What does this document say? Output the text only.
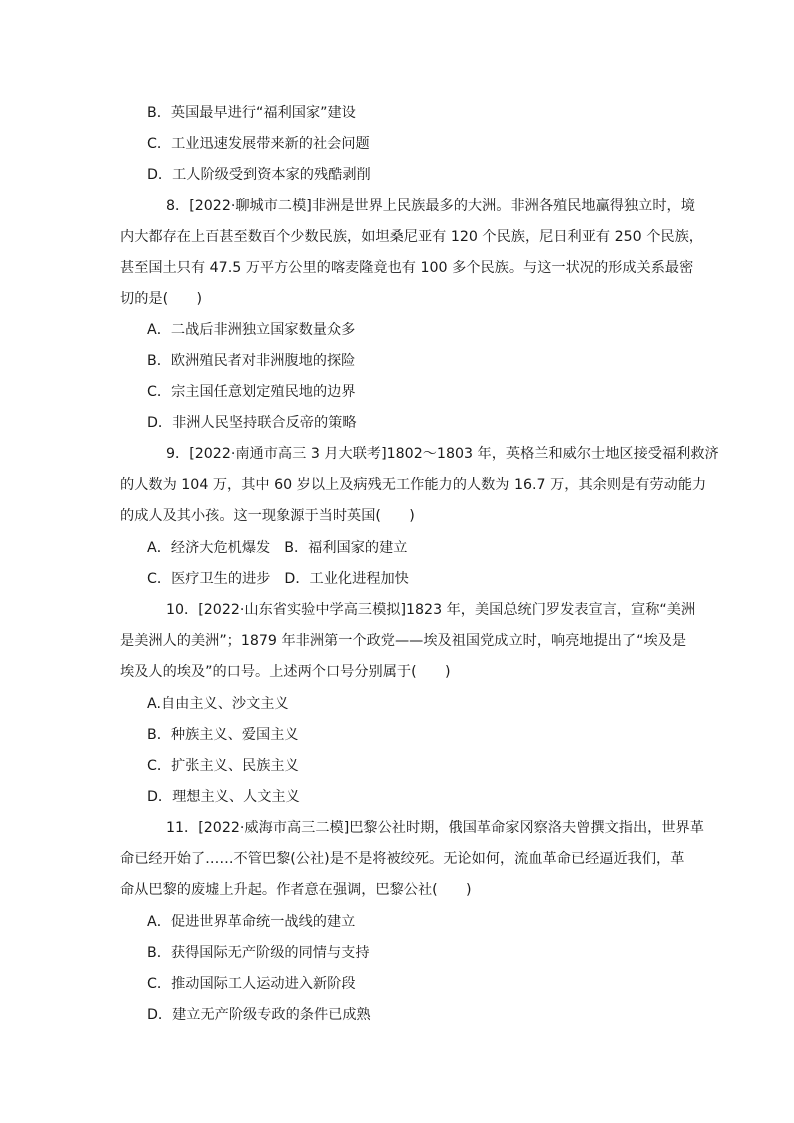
B．英国最早进行“福利国家”建设
C．工业迅速发展带来新的社会问题
D．工人阶级受到资本家的残酷剥削
8．[2022·聊城市二模]非洲是世界上民族最多的大洲。非洲各殖民地赢得独立时，境
内大都存在上百甚至数百个少数民族，如坦桑尼亚有 120 个民族，尼日利亚有 250 个民族，
甚至国土只有 47.5 万平方公里的喀麦隆竟也有 100 多个民族。与这一状况的形成关系最密
切的是(　　)
A．二战后非洲独立国家数量众多
B．欧洲殖民者对非洲腹地的探险
C．宗主国任意划定殖民地的边界
D．非洲人民坚持联合反帝的策略
9．[2022·南通市高三 3 月大联考]1802～1803 年，英格兰和威尔士地区接受福利救济
的人数为 104 万，其中 60 岁以上及病残无工作能力的人数为 16.7 万，其余则是有劳动能力
的成人及其小孩。这一现象源于当时英国(　　)
A．经济大危机爆发 B．福利国家的建立
C．医疗卫生的进步 D．工业化进程加快
10．[2022·山东省实验中学高三模拟]1823 年，美国总统门罗发表宣言，宣称“美洲
是美洲人的美洲”；1879 年非洲第一个政党——埃及祖国党成立时，响亮地提出了“埃及是
埃及人的埃及”的口号。上述两个口号分别属于(　　)
A.自由主义、沙文主义
B．种族主义、爱国主义
C．扩张主义、民族主义
D．理想主义、人文主义
11．[2022·威海市高三二模]巴黎公社时期，俄国革命家冈察洛夫曾撰文指出，世界革
命已经开始了……不管巴黎(公社)是不是将被绞死。无论如何，流血革命已经逼近我们，革
命从巴黎的废墟上升起。作者意在强调，巴黎公社(　　)
A．促进世界革命统一战线的建立
B．获得国际无产阶级的同情与支持
C．推动国际工人运动进入新阶段
D．建立无产阶级专政的条件已成熟
